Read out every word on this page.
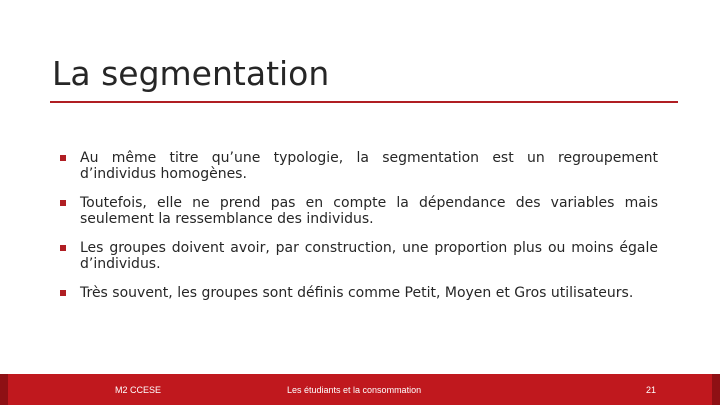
La segmentation
Au même titre qu’une typologie, la segmentation est un regroupement d’individus homogènes.
Toutefois, elle ne prend pas en compte la dépendance des variables mais seulement la ressemblance des individus.
Les groupes doivent avoir, par construction, une proportion plus ou moins égale d’individus.
Très souvent, les groupes sont définis comme Petit, Moyen et Gros utilisateurs.
M2 CCESE	Les étudiants et la consommation	21
